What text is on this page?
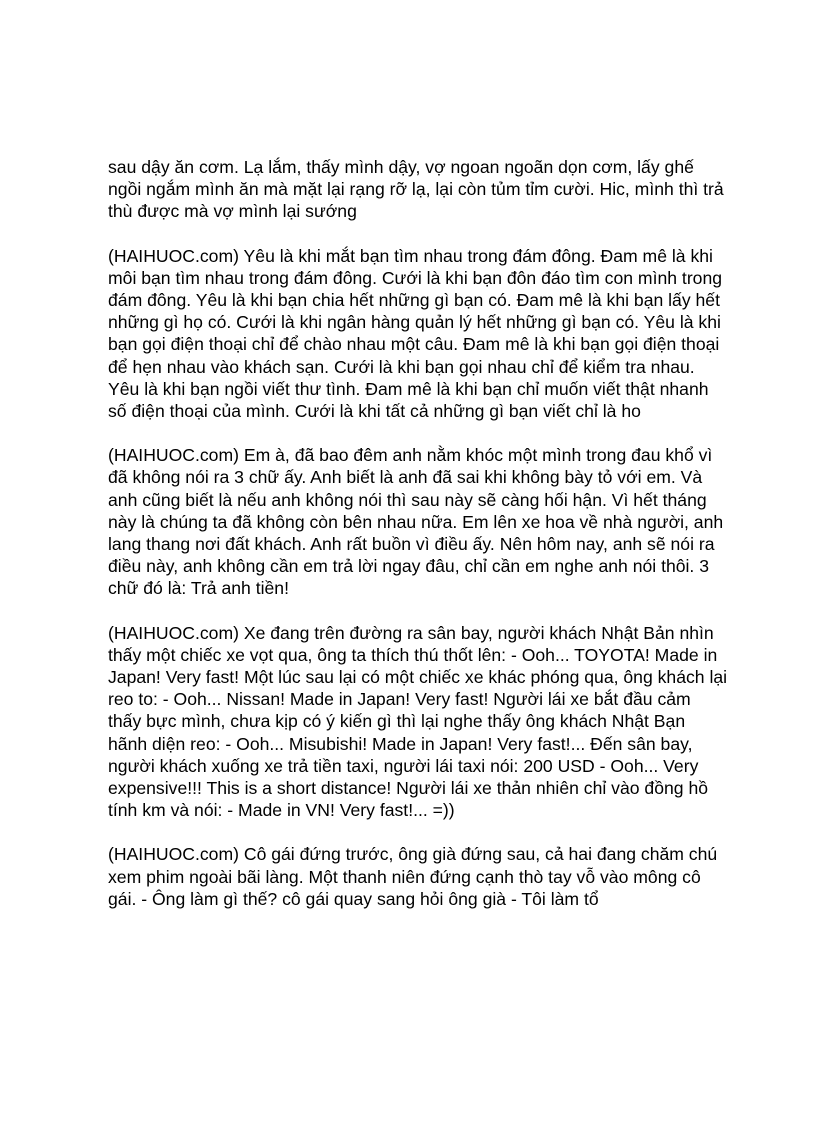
sau dậy ăn cơm. Lạ lắm, thấy mình dậy, vợ ngoan ngoãn dọn cơm, lấy ghế ngồi ngắm mình ăn mà mặt lại rạng rỡ lạ, lại còn tủm tỉm cười. Hic, mình thì trả thù được mà vợ mình lại sướng

(HAIHUOC.com) Yêu là khi mắt bạn tìm nhau trong đám đông. Đam mê là khi môi bạn tìm nhau trong đám đông. Cưới là khi bạn đôn đáo tìm con mình trong đám đông. Yêu là khi bạn chia hết những gì bạn có. Đam mê là khi bạn lấy hết những gì họ có. Cưới là khi ngân hàng quản lý hết những gì bạn có. Yêu là khi bạn gọi điện thoại chỉ để chào nhau một câu. Đam mê là khi bạn gọi điện thoại để hẹn nhau vào khách sạn. Cưới là khi bạn gọi nhau chỉ để kiểm tra nhau. Yêu là khi bạn ngồi viết thư tình. Đam mê là khi bạn chỉ muốn viết thật nhanh số điện thoại của mình. Cưới là khi tất cả những gì bạn viết chỉ là ho

(HAIHUOC.com) Em à, đã bao đêm anh nằm khóc một mình trong đau khổ vì đã không nói ra 3 chữ ấy. Anh biết là anh đã sai khi không bày tỏ với em. Và anh cũng biết là nếu anh không nói thì sau này sẽ càng hối hận. Vì hết tháng này là chúng ta đã không còn bên nhau nữa. Em lên xe hoa về nhà người, anh lang thang nơi đất khách. Anh rất buồn vì điều ấy. Nên hôm nay, anh sẽ nói ra điều này, anh không cần em trả lời ngay đâu, chỉ cần em nghe anh nói thôi. 3 chữ đó là: Trả anh tiền!

(HAIHUOC.com) Xe đang trên đường ra sân bay, người khách Nhật Bản nhìn thấy một chiếc xe vọt qua, ông ta thích thú thốt lên: - Ooh... TOYOTA! Made in Japan! Very fast! Một lúc sau lại có một chiếc xe khác phóng qua, ông khách lại reo to: - Ooh... Nissan! Made in Japan! Very fast! Người lái xe bắt đầu cảm thấy bực mình, chưa kịp có ý kiến gì thì lại nghe thấy ông khách Nhật Bạn hãnh diện reo: - Ooh... Misubishi! Made in Japan! Very fast!... Đến sân bay, người khách xuống xe trả tiền taxi, người lái taxi nói: 200 USD - Ooh... Very expensive!!! This is a short distance! Người lái xe thản nhiên chỉ vào đồng hồ tính km và nói: - Made in VN! Very fast!... =))

(HAIHUOC.com) Cô gái đứng trước, ông già đứng sau, cả hai đang chăm chú xem phim ngoài bãi làng. Một thanh niên đứng cạnh thò tay vỗ vào mông cô gái. - Ông làm gì thế? cô gái quay sang hỏi ông già - Tôi làm tổ
